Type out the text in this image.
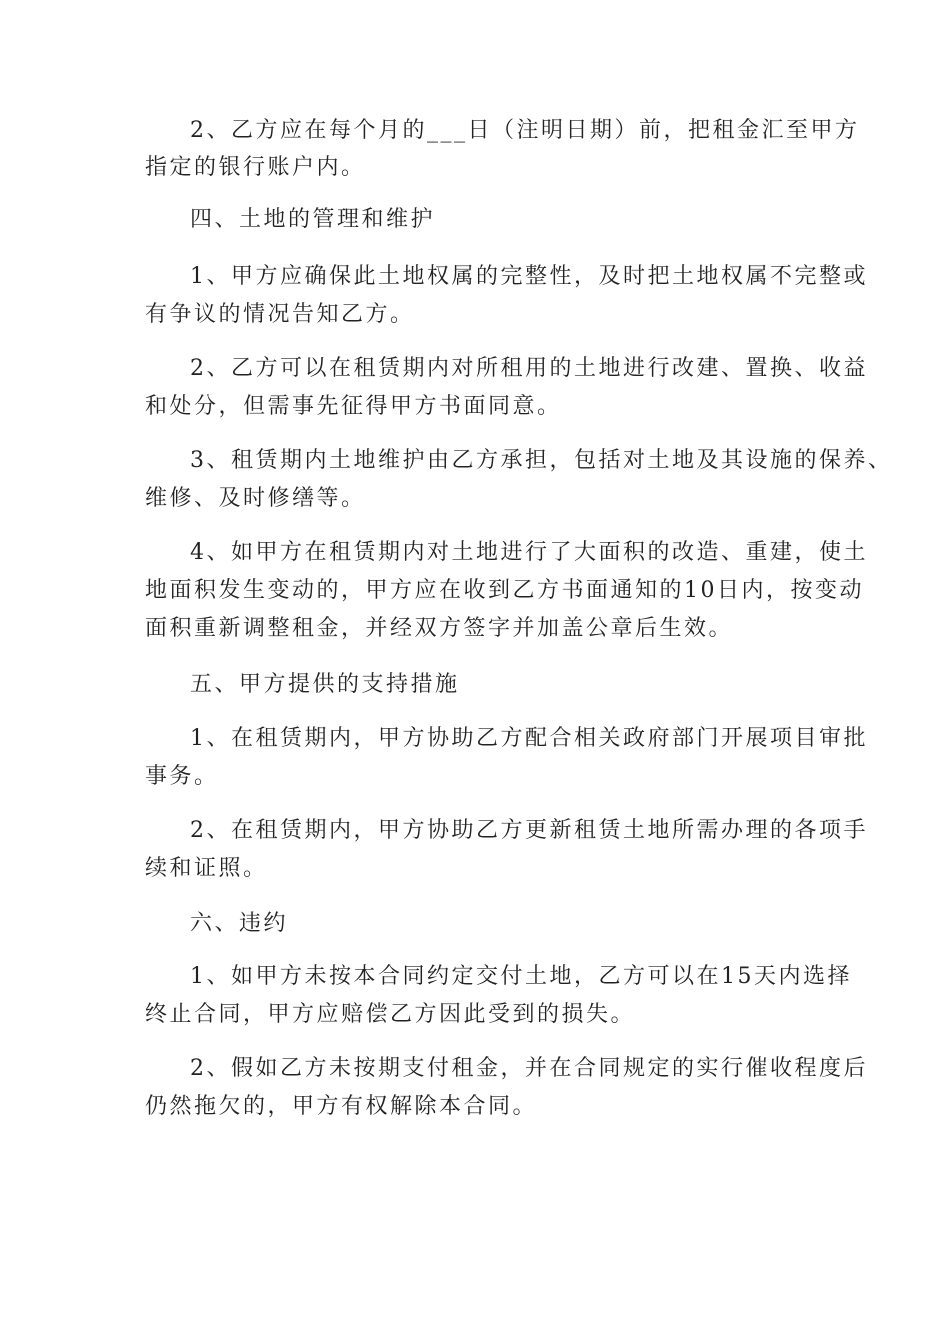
2、乙方应在每个月的___日（注明日期）前，把租金汇至甲方
指定的银行账户内。
四、土地的管理和维护
1、甲方应确保此土地权属的完整性，及时把土地权属不完整或
有争议的情况告知乙方。
2、乙方可以在租赁期内对所租用的土地进行改建、置换、收益
和处分，但需事先征得甲方书面同意。
3、租赁期内土地维护由乙方承担，包括对土地及其设施的保养、
维修、及时修缮等。
4、如甲方在租赁期内对土地进行了大面积的改造、重建，使土
地面积发生变动的，甲方应在收到乙方书面通知的10日内，按变动
面积重新调整租金，并经双方签字并加盖公章后生效。
五、甲方提供的支持措施
1、在租赁期内，甲方协助乙方配合相关政府部门开展项目审批
事务。
2、在租赁期内，甲方协助乙方更新租赁土地所需办理的各项手
续和证照。
六、违约
1、如甲方未按本合同约定交付土地，乙方可以在15天内选择
终止合同，甲方应赔偿乙方因此受到的损失。
2、假如乙方未按期支付租金，并在合同规定的实行催收程度后
仍然拖欠的，甲方有权解除本合同。
